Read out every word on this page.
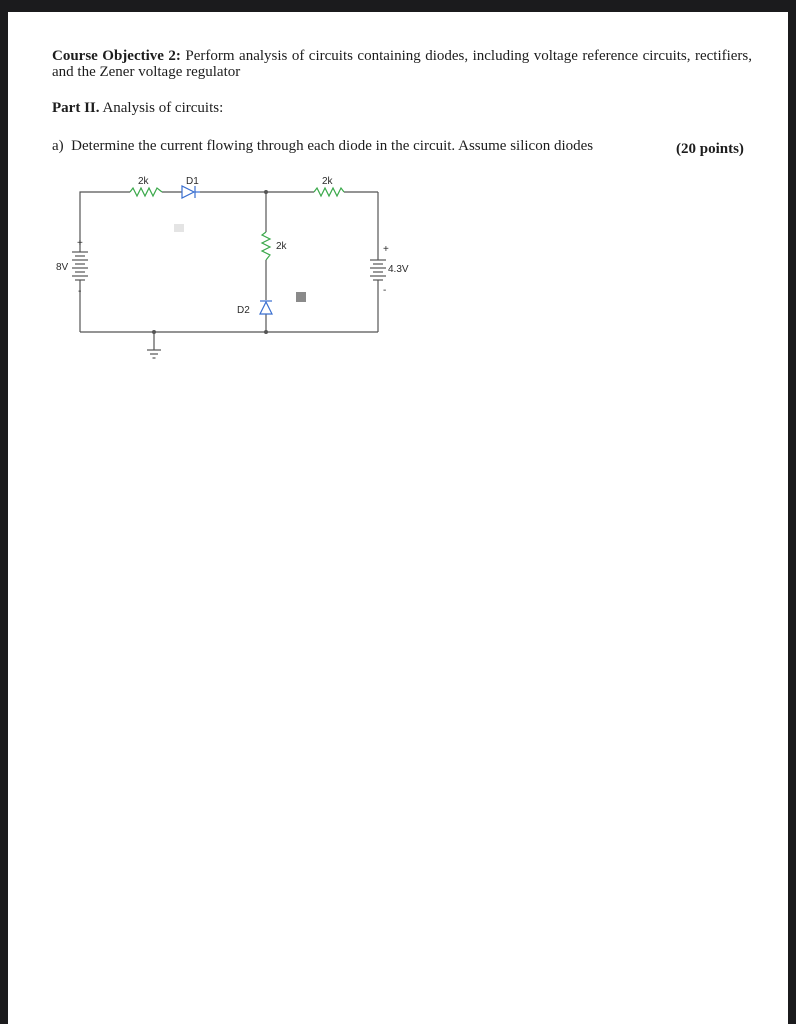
Course Objective 2: Perform analysis of circuits containing diodes, including voltage reference circuits, rectifiers, and the Zener voltage regulator
Part II. Analysis of circuits:
a) Determine the current flowing through each diode in the circuit. Assume silicon diodes	(20 points)
2k	D1	2k
2k
D2
+
-
8V
+
-
4.3V
